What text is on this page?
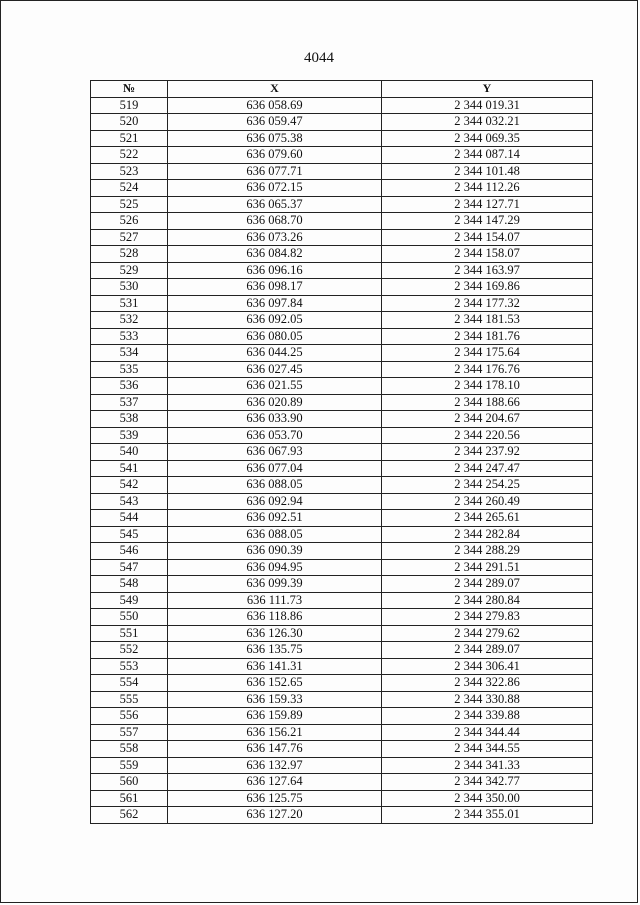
4044
№	X	Y
519	636 058.69	2 344 019.31
520	636 059.47	2 344 032.21
521	636 075.38	2 344 069.35
522	636 079.60	2 344 087.14
523	636 077.71	2 344 101.48
524	636 072.15	2 344 112.26
525	636 065.37	2 344 127.71
526	636 068.70	2 344 147.29
527	636 073.26	2 344 154.07
528	636 084.82	2 344 158.07
529	636 096.16	2 344 163.97
530	636 098.17	2 344 169.86
531	636 097.84	2 344 177.32
532	636 092.05	2 344 181.53
533	636 080.05	2 344 181.76
534	636 044.25	2 344 175.64
535	636 027.45	2 344 176.76
536	636 021.55	2 344 178.10
537	636 020.89	2 344 188.66
538	636 033.90	2 344 204.67
539	636 053.70	2 344 220.56
540	636 067.93	2 344 237.92
541	636 077.04	2 344 247.47
542	636 088.05	2 344 254.25
543	636 092.94	2 344 260.49
544	636 092.51	2 344 265.61
545	636 088.05	2 344 282.84
546	636 090.39	2 344 288.29
547	636 094.95	2 344 291.51
548	636 099.39	2 344 289.07
549	636 111.73	2 344 280.84
550	636 118.86	2 344 279.83
551	636 126.30	2 344 279.62
552	636 135.75	2 344 289.07
553	636 141.31	2 344 306.41
554	636 152.65	2 344 322.86
555	636 159.33	2 344 330.88
556	636 159.89	2 344 339.88
557	636 156.21	2 344 344.44
558	636 147.76	2 344 344.55
559	636 132.97	2 344 341.33
560	636 127.64	2 344 342.77
561	636 125.75	2 344 350.00
562	636 127.20	2 344 355.01
